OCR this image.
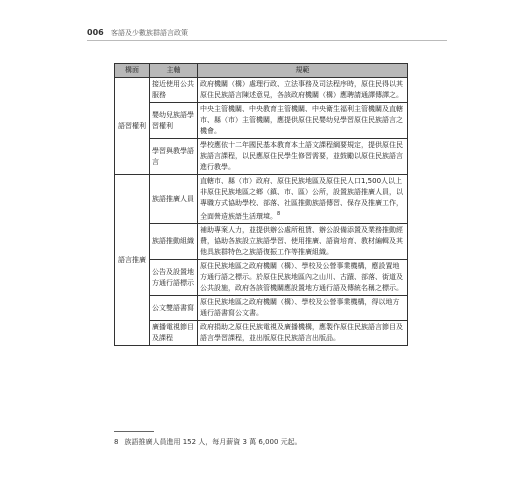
006 客語及少數族群語言政策
構面	主軸	規範
語習權利	接近使用公共服務	政府機關（構）處理行政、立法事務及司法程序時，原住民得以其原住民族語言陳述意見，各該政府機關（構）應聘請通譯傳譯之。
	嬰幼兒族語學習權利	中央主管機關、中央教育主管機關、中央衛生福利主管機關及直轄市、縣（市）主管機關，應提供原住民嬰幼兒學習原住民族語言之機會。
	學習與教學語言	學校應依十二年國民基本教育本土語文課程綱要規定，提供原住民族語言課程，以民應原住民學生修習需要，並鼓勵以原住民族語言進行教學。
語言推廣	族語推廣人員	直轄市、縣（市）政府、原住民族地區及原住民人口1,500人以上非原住民族地區之鄉（鎮、市、區）公所，設置族語推廣人員，以專職方式協助學校、部落、社區推動族語傳習、保存及推廣工作，全面營造族語生活環境。$^8$
	族語推動組織	補助專案人力，並提供辦公處所租賃、辦公設備添置及業務推動經費，協助各族設立族語學習、使用推廣、語資培育、教材編輯及其他具族群特色之族語復振工作等推廣組織。
	公告及設置地方通行語標示	原住民族地區之政府機關（構）、學校及公營事業機構，應設置地方通行語之標示。於原住民族地區內之山川、古蹟、部落、街道及公共設施，政府各該管機關應設置地方通行語及傳統名稱之標示。
	公文雙語書寫	原住民族地區之政府機關（構）、學校及公營事業機構，得以地方通行語書寫公文書。
	廣播電視節目及課程	政府捐助之原住民族電視及廣播機構，應製作原住民族語言節目及語言學習課程，並出版原住民族語言出版品。
8 族語推廣人員進用 152 人，每月薪資 3 萬 6,000 元起。
